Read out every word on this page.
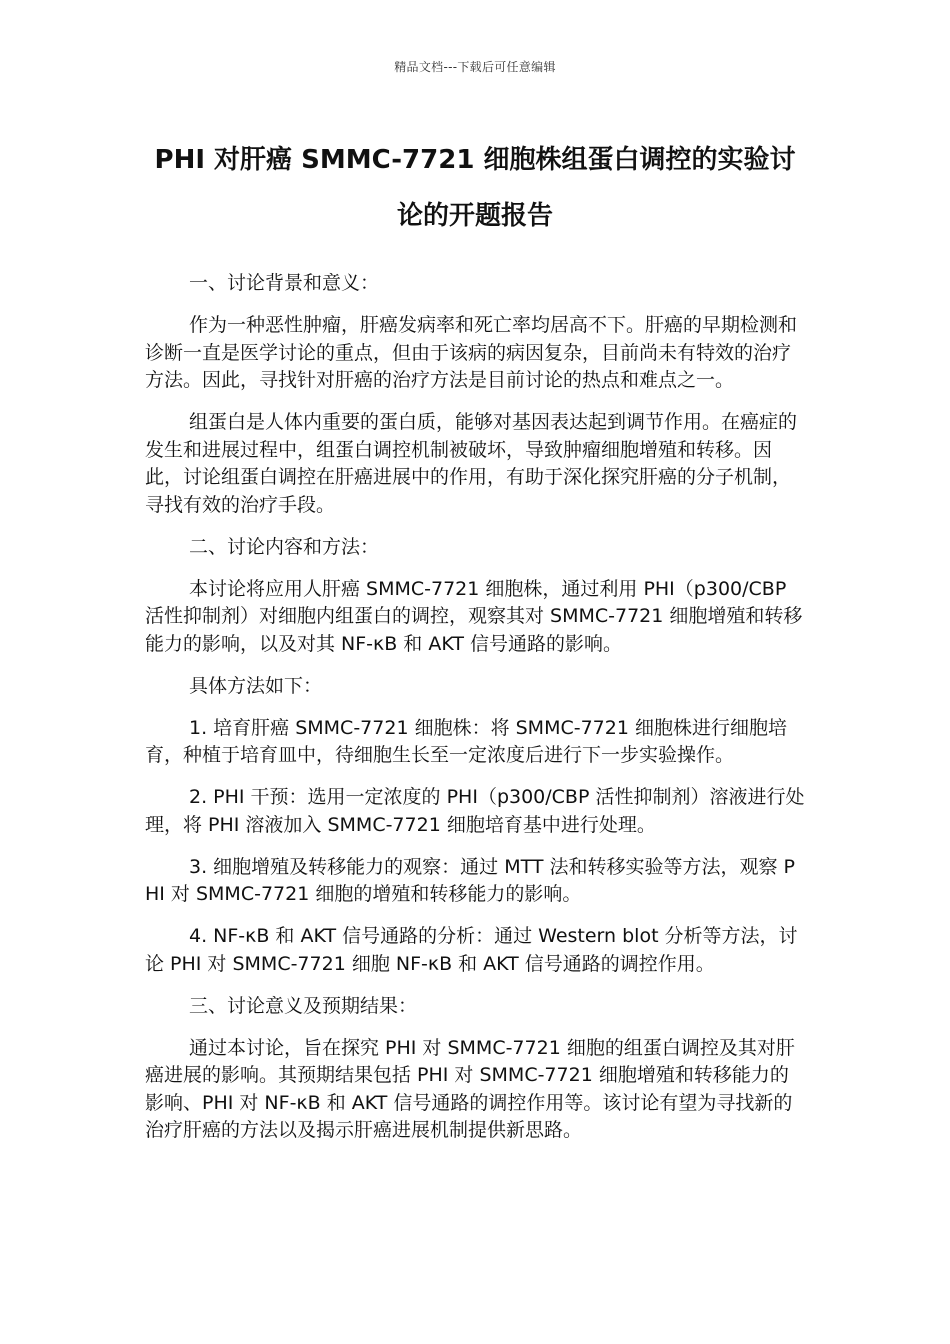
精品文档---下载后可任意编辑
PHI 对肝癌 SMMC-7721 细胞株组蛋白调控的实验讨
论的开题报告

一、讨论背景和意义：

作为一种恶性肿瘤，肝癌发病率和死亡率均居高不下。肝癌的早期检测和诊断一直是医学讨论的重点，但由于该病的病因复杂，目前尚未有特效的治疗方法。因此，寻找针对肝癌的治疗方法是目前讨论的热点和难点之一。

组蛋白是人体内重要的蛋白质，能够对基因表达起到调节作用。在癌症的发生和进展过程中，组蛋白调控机制被破坏，导致肿瘤细胞增殖和转移。因此，讨论组蛋白调控在肝癌进展中的作用，有助于深化探究肝癌的分子机制，寻找有效的治疗手段。

二、讨论内容和方法：

本讨论将应用人肝癌 SMMC-7721 细胞株，通过利用 PHI（p300/CBP 活性抑制剂）对细胞内组蛋白的调控，观察其对 SMMC-7721 细胞增殖和转移能力的影响，以及对其 NF-κB 和 AKT 信号通路的影响。

具体方法如下：

1. 培育肝癌 SMMC-7721 细胞株：将 SMMC-7721 细胞株进行细胞培育，种植于培育皿中，待细胞生长至一定浓度后进行下一步实验操作。

2. PHI 干预：选用一定浓度的 PHI（p300/CBP 活性抑制剂）溶液进行处理，将 PHI 溶液加入 SMMC-7721 细胞培育基中进行处理。

3. 细胞增殖及转移能力的观察：通过 MTT 法和转移实验等方法，观察 PHI 对 SMMC-7721 细胞的增殖和转移能力的影响。

4. NF-κB 和 AKT 信号通路的分析：通过 Western blot 分析等方法，讨论 PHI 对 SMMC-7721 细胞 NF-κB 和 AKT 信号通路的调控作用。

三、讨论意义及预期结果：

通过本讨论，旨在探究 PHI 对 SMMC-7721 细胞的组蛋白调控及其对肝癌进展的影响。其预期结果包括 PHI 对 SMMC-7721 细胞增殖和转移能力的影响、PHI 对 NF-κB 和 AKT 信号通路的调控作用等。该讨论有望为寻找新的治疗肝癌的方法以及揭示肝癌进展机制提供新思路。
